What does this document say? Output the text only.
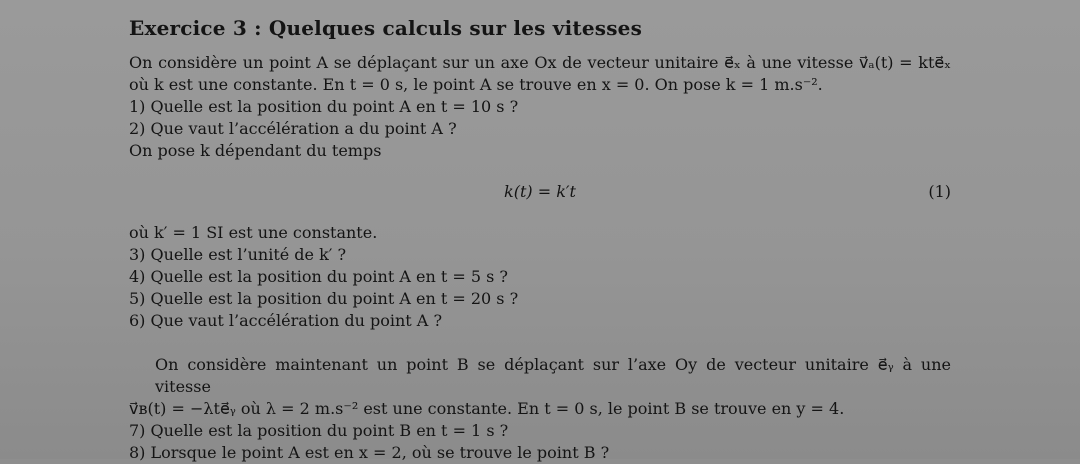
Exercice 3 : Quelques calculs sur les vitesses
On considère un point A se déplaçant sur un axe Ox de vecteur unitaire e⃗ₓ à une vitesse v⃗ₐ(t) = kte⃗ₓ
où k est une constante. En t = 0 s, le point A se trouve en x = 0. On pose k = 1 m.s⁻².
1) Quelle est la position du point A en t = 10 s ?
2) Que vaut l’accélération a du point A ?
On pose k dépendant du temps
k(t) = k′t	(1)
où k′ = 1 SI est une constante.
3) Quelle est l’unité de k′ ?
4) Quelle est la position du point A en t = 5 s ?
5) Quelle est la position du point A en t = 20 s ?
6) Que vaut l’accélération du point A ?
On considère maintenant un point B se déplaçant sur l’axe Oy de vecteur unitaire e⃗ᵧ à une vitesse
v⃗ʙ(t) = −λte⃗ᵧ où λ = 2 m.s⁻² est une constante. En t = 0 s, le point B se trouve en y = 4.
7) Quelle est la position du point B en t = 1 s ?
8) Lorsque le point A est en x = 2, où se trouve le point B ?
